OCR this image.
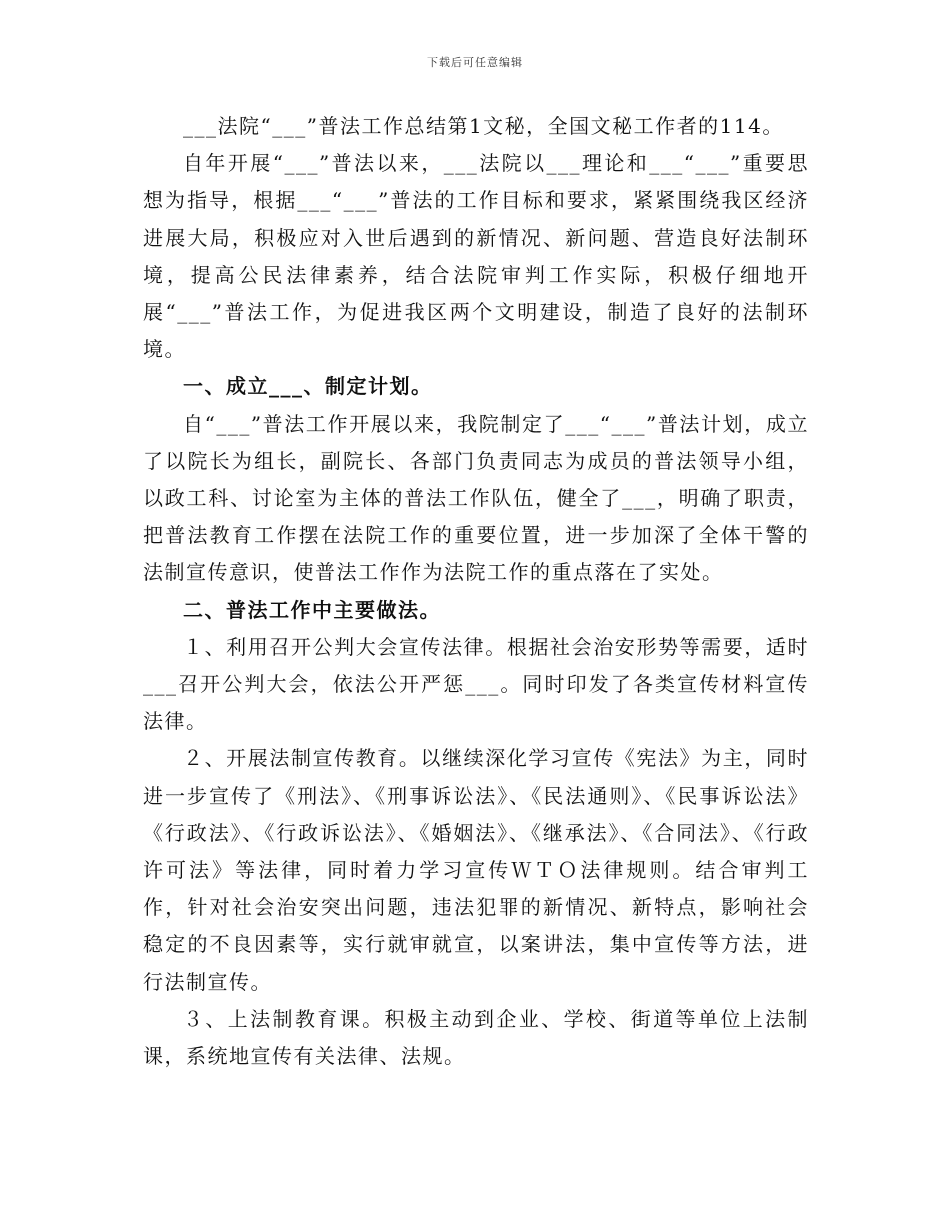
下载后可任意编辑

___法院“___”普法工作总结第1文秘，全国文秘工作者的114。

自年开展“___”普法以来，___法院以___理论和___“___”重要思想为指导，根据___“___”普法的工作目标和要求，紧紧围绕我区经济进展大局，积极应对入世后遇到的新情况、新问题、营造良好法制环境，提高公民法律素养，结合法院审判工作实际，积极仔细地开展“___”普法工作，为促进我区两个文明建设，制造了良好的法制环境。

一、成立___、制定计划。

自“___”普法工作开展以来，我院制定了___“___”普法计划，成立了以院长为组长，副院长、各部门负责同志为成员的普法领导小组，以政工科、讨论室为主体的普法工作队伍，健全了___，明确了职责，把普法教育工作摆在法院工作的重要位置，进一步加深了全体干警的法制宣传意识，使普法工作作为法院工作的重点落在了实处。

二、普法工作中主要做法。

１、利用召开公判大会宣传法律。根据社会治安形势等需要，适时___召开公判大会，依法公开严惩___。同时印发了各类宣传材料宣传法律。

２、开展法制宣传教育。以继续深化学习宣传《宪法》为主，同时进一步宣传了《刑法》、《刑事诉讼法》、《民法通则》、《民事诉讼法》《行政法》、《行政诉讼法》、《婚姻法》、《继承法》、《合同法》、《行政许可法》等法律，同时着力学习宣传ＷＴＯ法律规则。结合审判工作，针对社会治安突出问题，违法犯罪的新情况、新特点，影响社会稳定的不良因素等，实行就审就宣，以案讲法，集中宣传等方法，进行法制宣传。

３、上法制教育课。积极主动到企业、学校、街道等单位上法制课，系统地宣传有关法律、法规。
